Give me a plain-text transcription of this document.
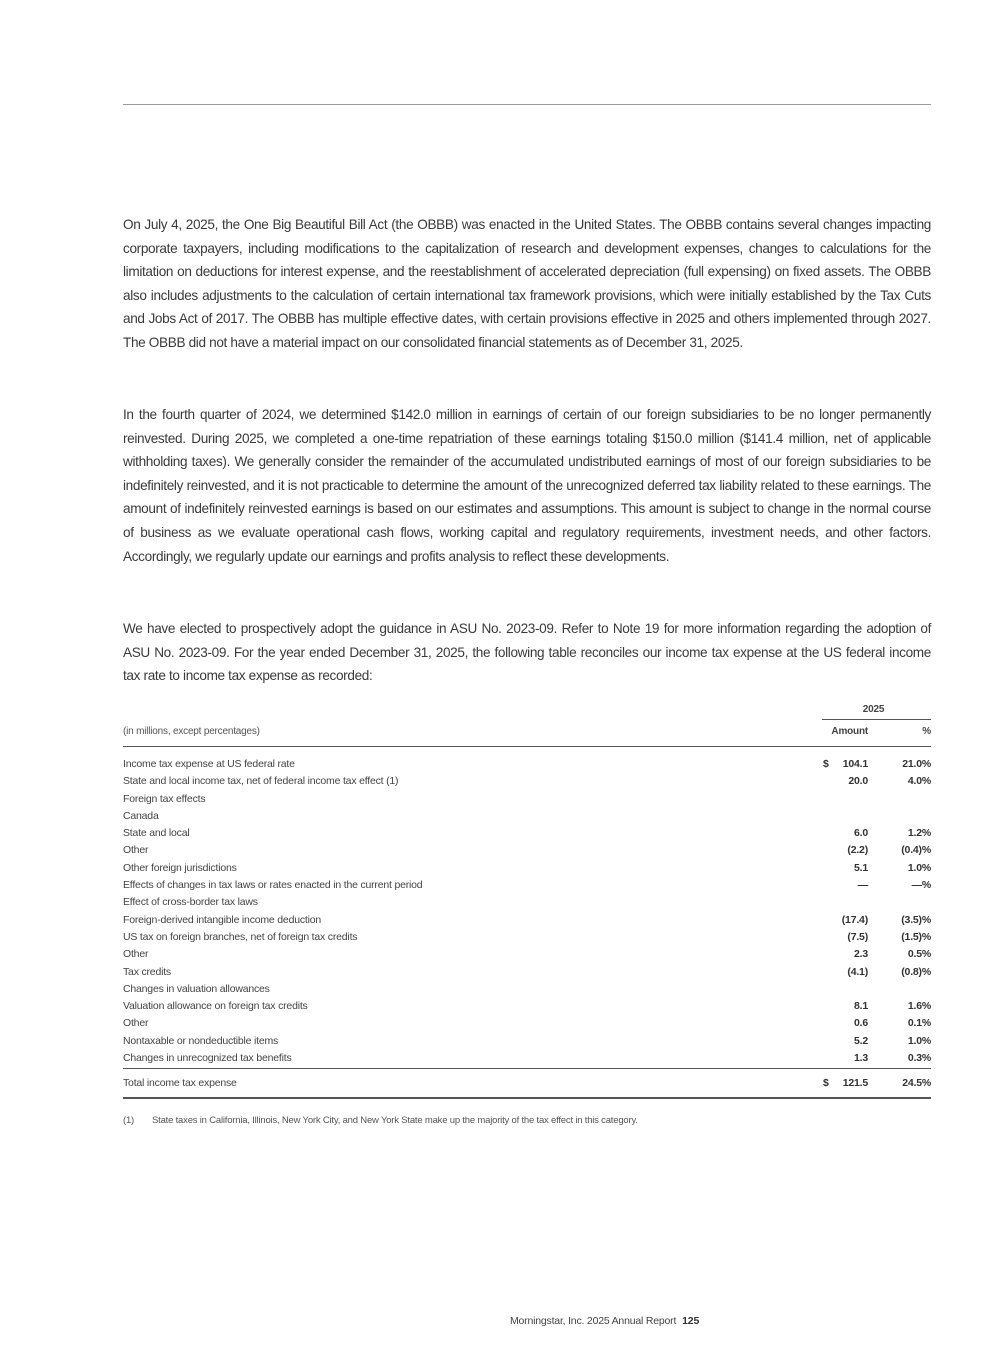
On July 4, 2025, the One Big Beautiful Bill Act (the OBBB) was enacted in the United States. The OBBB contains several changes impacting corporate taxpayers, including modifications to the capitalization of research and development expenses, changes to calculations for the limitation on deductions for interest expense, and the reestablishment of accelerated depreciation (full expensing) on fixed assets. The OBBB also includes adjustments to the calculation of certain international tax framework provisions, which were initially established by the Tax Cuts and Jobs Act of 2017. The OBBB has multiple effective dates, with certain provisions effective in 2025 and others implemented through 2027. The OBBB did not have a material impact on our consolidated financial statements as of December 31, 2025.

In the fourth quarter of 2024, we determined $142.0 million in earnings of certain of our foreign subsidiaries to be no longer permanently reinvested. During 2025, we completed a one-time repatriation of these earnings totaling $150.0 million ($141.4 million, net of applicable withholding taxes). We generally consider the remainder of the accumulated undistributed earnings of most of our foreign subsidiaries to be indefinitely reinvested, and it is not practicable to determine the amount of the unrecognized deferred tax liability related to these earnings. The amount of indefinitely reinvested earnings is based on our estimates and assumptions. This amount is subject to change in the normal course of business as we evaluate operational cash flows, working capital and regulatory requirements, investment needs, and other factors. Accordingly, we regularly update our earnings and profits analysis to reflect these developments.

We have elected to prospectively adopt the guidance in ASU No. 2023-09. Refer to Note 19 for more information regarding the adoption of ASU No. 2023-09. For the year ended December 31, 2025, the following table reconciles our income tax expense at the US federal income tax rate to income tax expense as recorded:

2025
(in millions, except percentages)	Amount	%
Income tax expense at US federal rate	$ 104.1	21.0%
State and local income tax, net of federal income tax effect (1)	20.0	4.0%
Foreign tax effects
Canada
State and local	6.0	1.2%
Other	(2.2)	(0.4)%
Other foreign jurisdictions	5.1	1.0%
Effects of changes in tax laws or rates enacted in the current period	—	—%
Effect of cross-border tax laws
Foreign-derived intangible income deduction	(17.4)	(3.5)%
US tax on foreign branches, net of foreign tax credits	(7.5)	(1.5)%
Other	2.3	0.5%
Tax credits	(4.1)	(0.8)%
Changes in valuation allowances
Valuation allowance on foreign tax credits	8.1	1.6%
Other	0.6	0.1%
Nontaxable or nondeductible items	5.2	1.0%
Changes in unrecognized tax benefits	1.3	0.3%
Total income tax expense	$ 121.5	24.5%
(1) State taxes in California, Illinois, New York City, and New York State make up the majority of the tax effect in this category.
Morningstar, Inc. 2025 Annual Report 125
